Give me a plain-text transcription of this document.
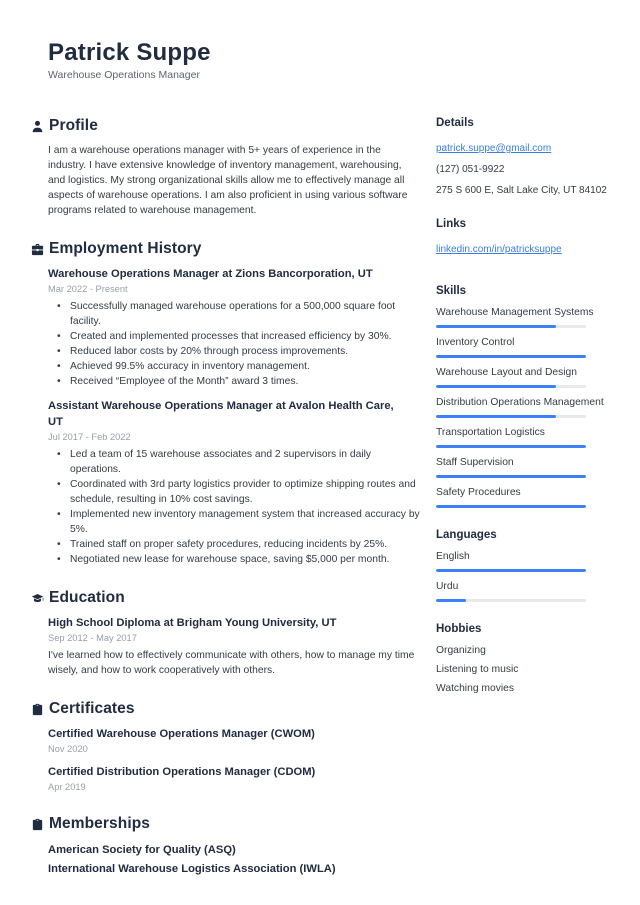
Patrick Suppe
Warehouse Operations Manager
Profile

I am a warehouse operations manager with 5+ years of experience in the industry. I have extensive knowledge of inventory management, warehousing, and logistics. My strong organizational skills allow me to effectively manage all aspects of warehouse operations. I am also proficient in using various software programs related to warehouse management.

Employment History
Warehouse Operations Manager at Zions Bancorporation, UT
Mar 2022 - Present
• Successfully managed warehouse operations for a 500,000 square foot facility.
• Created and implemented processes that increased efficiency by 30%.
• Reduced labor costs by 20% through process improvements.
• Achieved 99.5% accuracy in inventory management.
• Received “Employee of the Month” award 3 times.
Assistant Warehouse Operations Manager at Avalon Health Care, UT
Jul 2017 - Feb 2022
• Led a team of 15 warehouse associates and 2 supervisors in daily operations.
• Coordinated with 3rd party logistics provider to optimize shipping routes and schedule, resulting in 10% cost savings.
• Implemented new inventory management system that increased accuracy by 5%.
• Trained staff on proper safety procedures, reducing incidents by 25%.
• Negotiated new lease for warehouse space, saving $5,000 per month.
Education
High School Diploma at Brigham Young University, UT
Sep 2012 - May 2017

I've learned how to effectively communicate with others, how to manage my time wisely, and how to work cooperatively with others.

Certificates
Certified Warehouse Operations Manager (CWOM)
Nov 2020
Certified Distribution Operations Manager (CDOM)
Apr 2019
Memberships
American Society for Quality (ASQ)
International Warehouse Logistics Association (IWLA)
Details
patrick.suppe@gmail.com
(127) 051-9922
275 S 600 E, Salt Lake City, UT 84102
Links
linkedin.com/in/patricksuppe
Skills
Warehouse Management Systems
Inventory Control
Warehouse Layout and Design
Distribution Operations Management
Transportation Logistics
Staff Supervision
Safety Procedures
Languages
English
Urdu
Hobbies
Organizing
Listening to music
Watching movies
